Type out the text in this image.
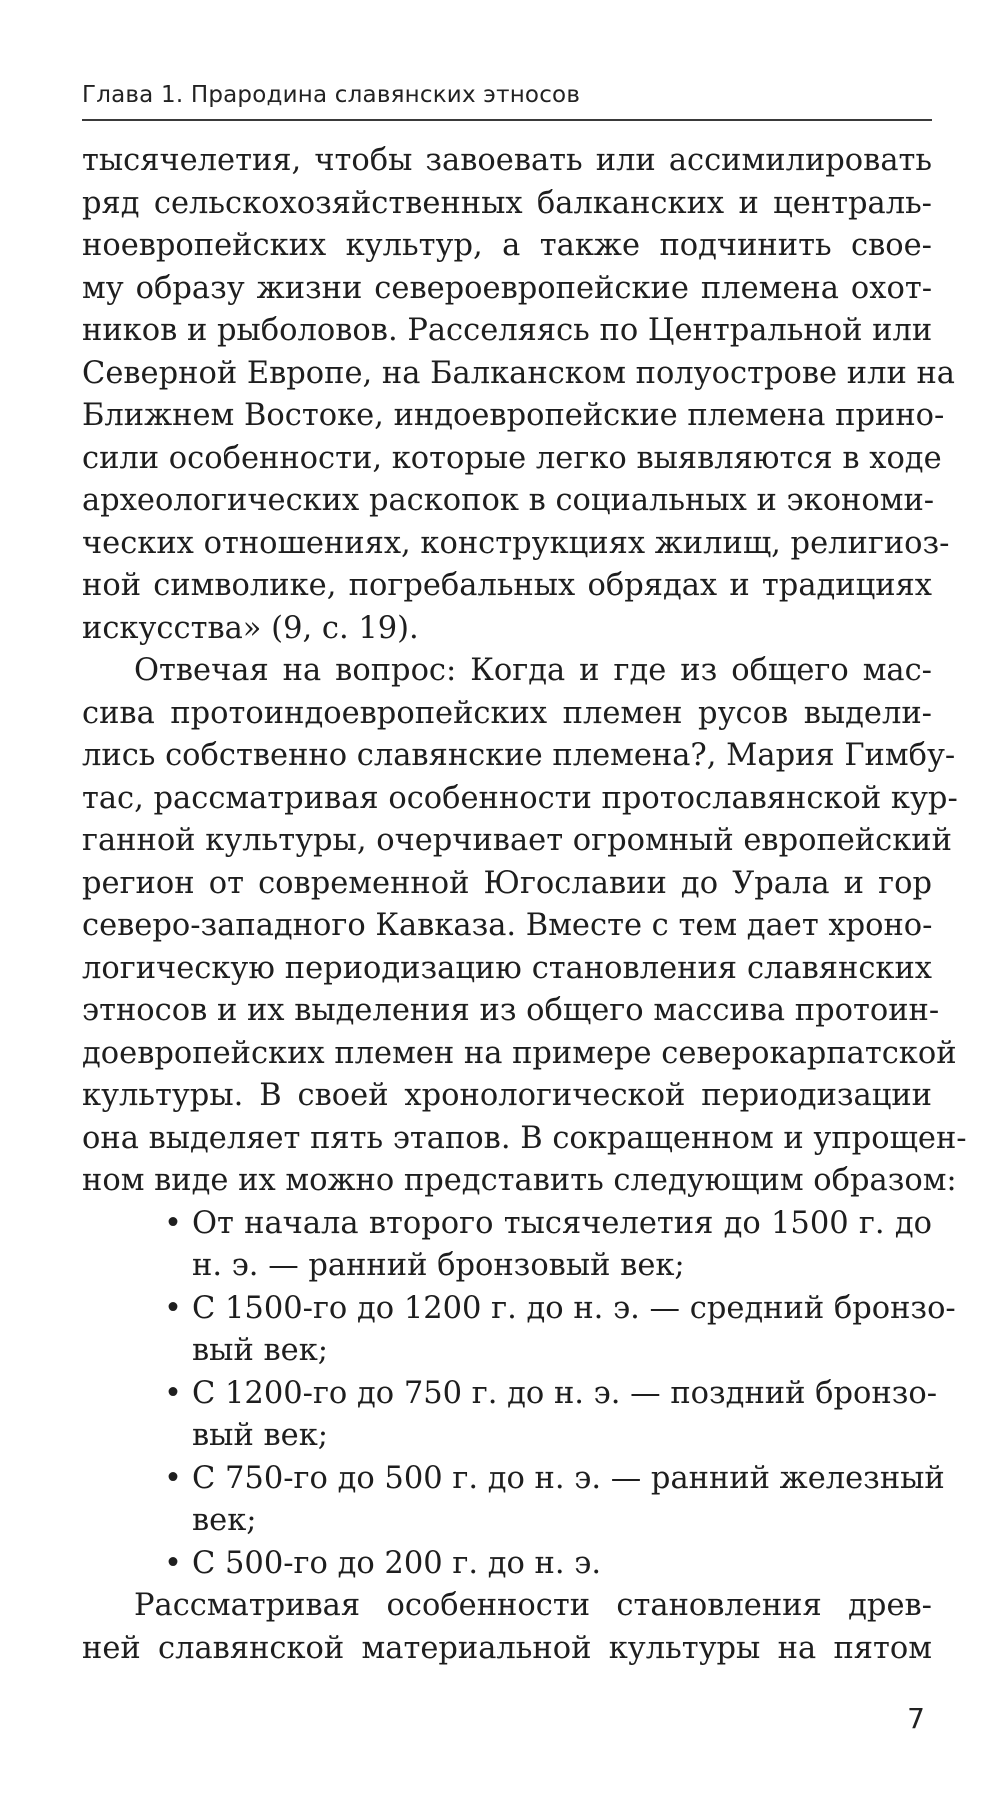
Глава 1. Прародина славянских этносов
тысячелетия, чтобы завоевать или ассимилировать
ряд сельскохозяйственных балканских и централь-
ноевропейских культур, а также подчинить свое-
му образу жизни североевропейские племена охот-
ников и рыболовов. Расселяясь по Центральной или
Северной Европе, на Балканском полуострове или на
Ближнем Востоке, индоевропейские племена прино-
сили особенности, которые легко выявляются в ходе
археологических раскопок в социальных и экономи-
ческих отношениях, конструкциях жилищ, религиоз-
ной символике, погребальных обрядах и традициях
искусства» (9, с. 19).
Отвечая на вопрос: Когда и где из общего мас-
сива протоиндоевропейских племен русов выдели-
лись собственно славянские племена?, Мария Гимбу-
тас, рассматривая особенности протославянской кур-
ганной культуры, очерчивает огромный европейский
регион от современной Югославии до Урала и гор
северо-западного Кавказа. Вместе с тем дает хроно-
логическую периодизацию становления славянских
этносов и их выделения из общего массива протоин-
доевропейских племен на примере северокарпатской
культуры. В своей хронологической периодизации
она выделяет пять этапов. В сокращенном и упрощен-
ном виде их можно представить следующим образом:
• От начала второго тысячелетия до 1500 г. до
н. э. — ранний бронзовый век;
• С 1500-го до 1200 г. до н. э. — средний бронзо-
вый век;
• С 1200-го до 750 г. до н. э. — поздний бронзо-
вый век;
• С 750-го до 500 г. до н. э. — ранний железный
век;
• С 500-го до 200 г. до н. э.
Рассматривая особенности становления древ-
ней славянской материальной культуры на пятом
7
